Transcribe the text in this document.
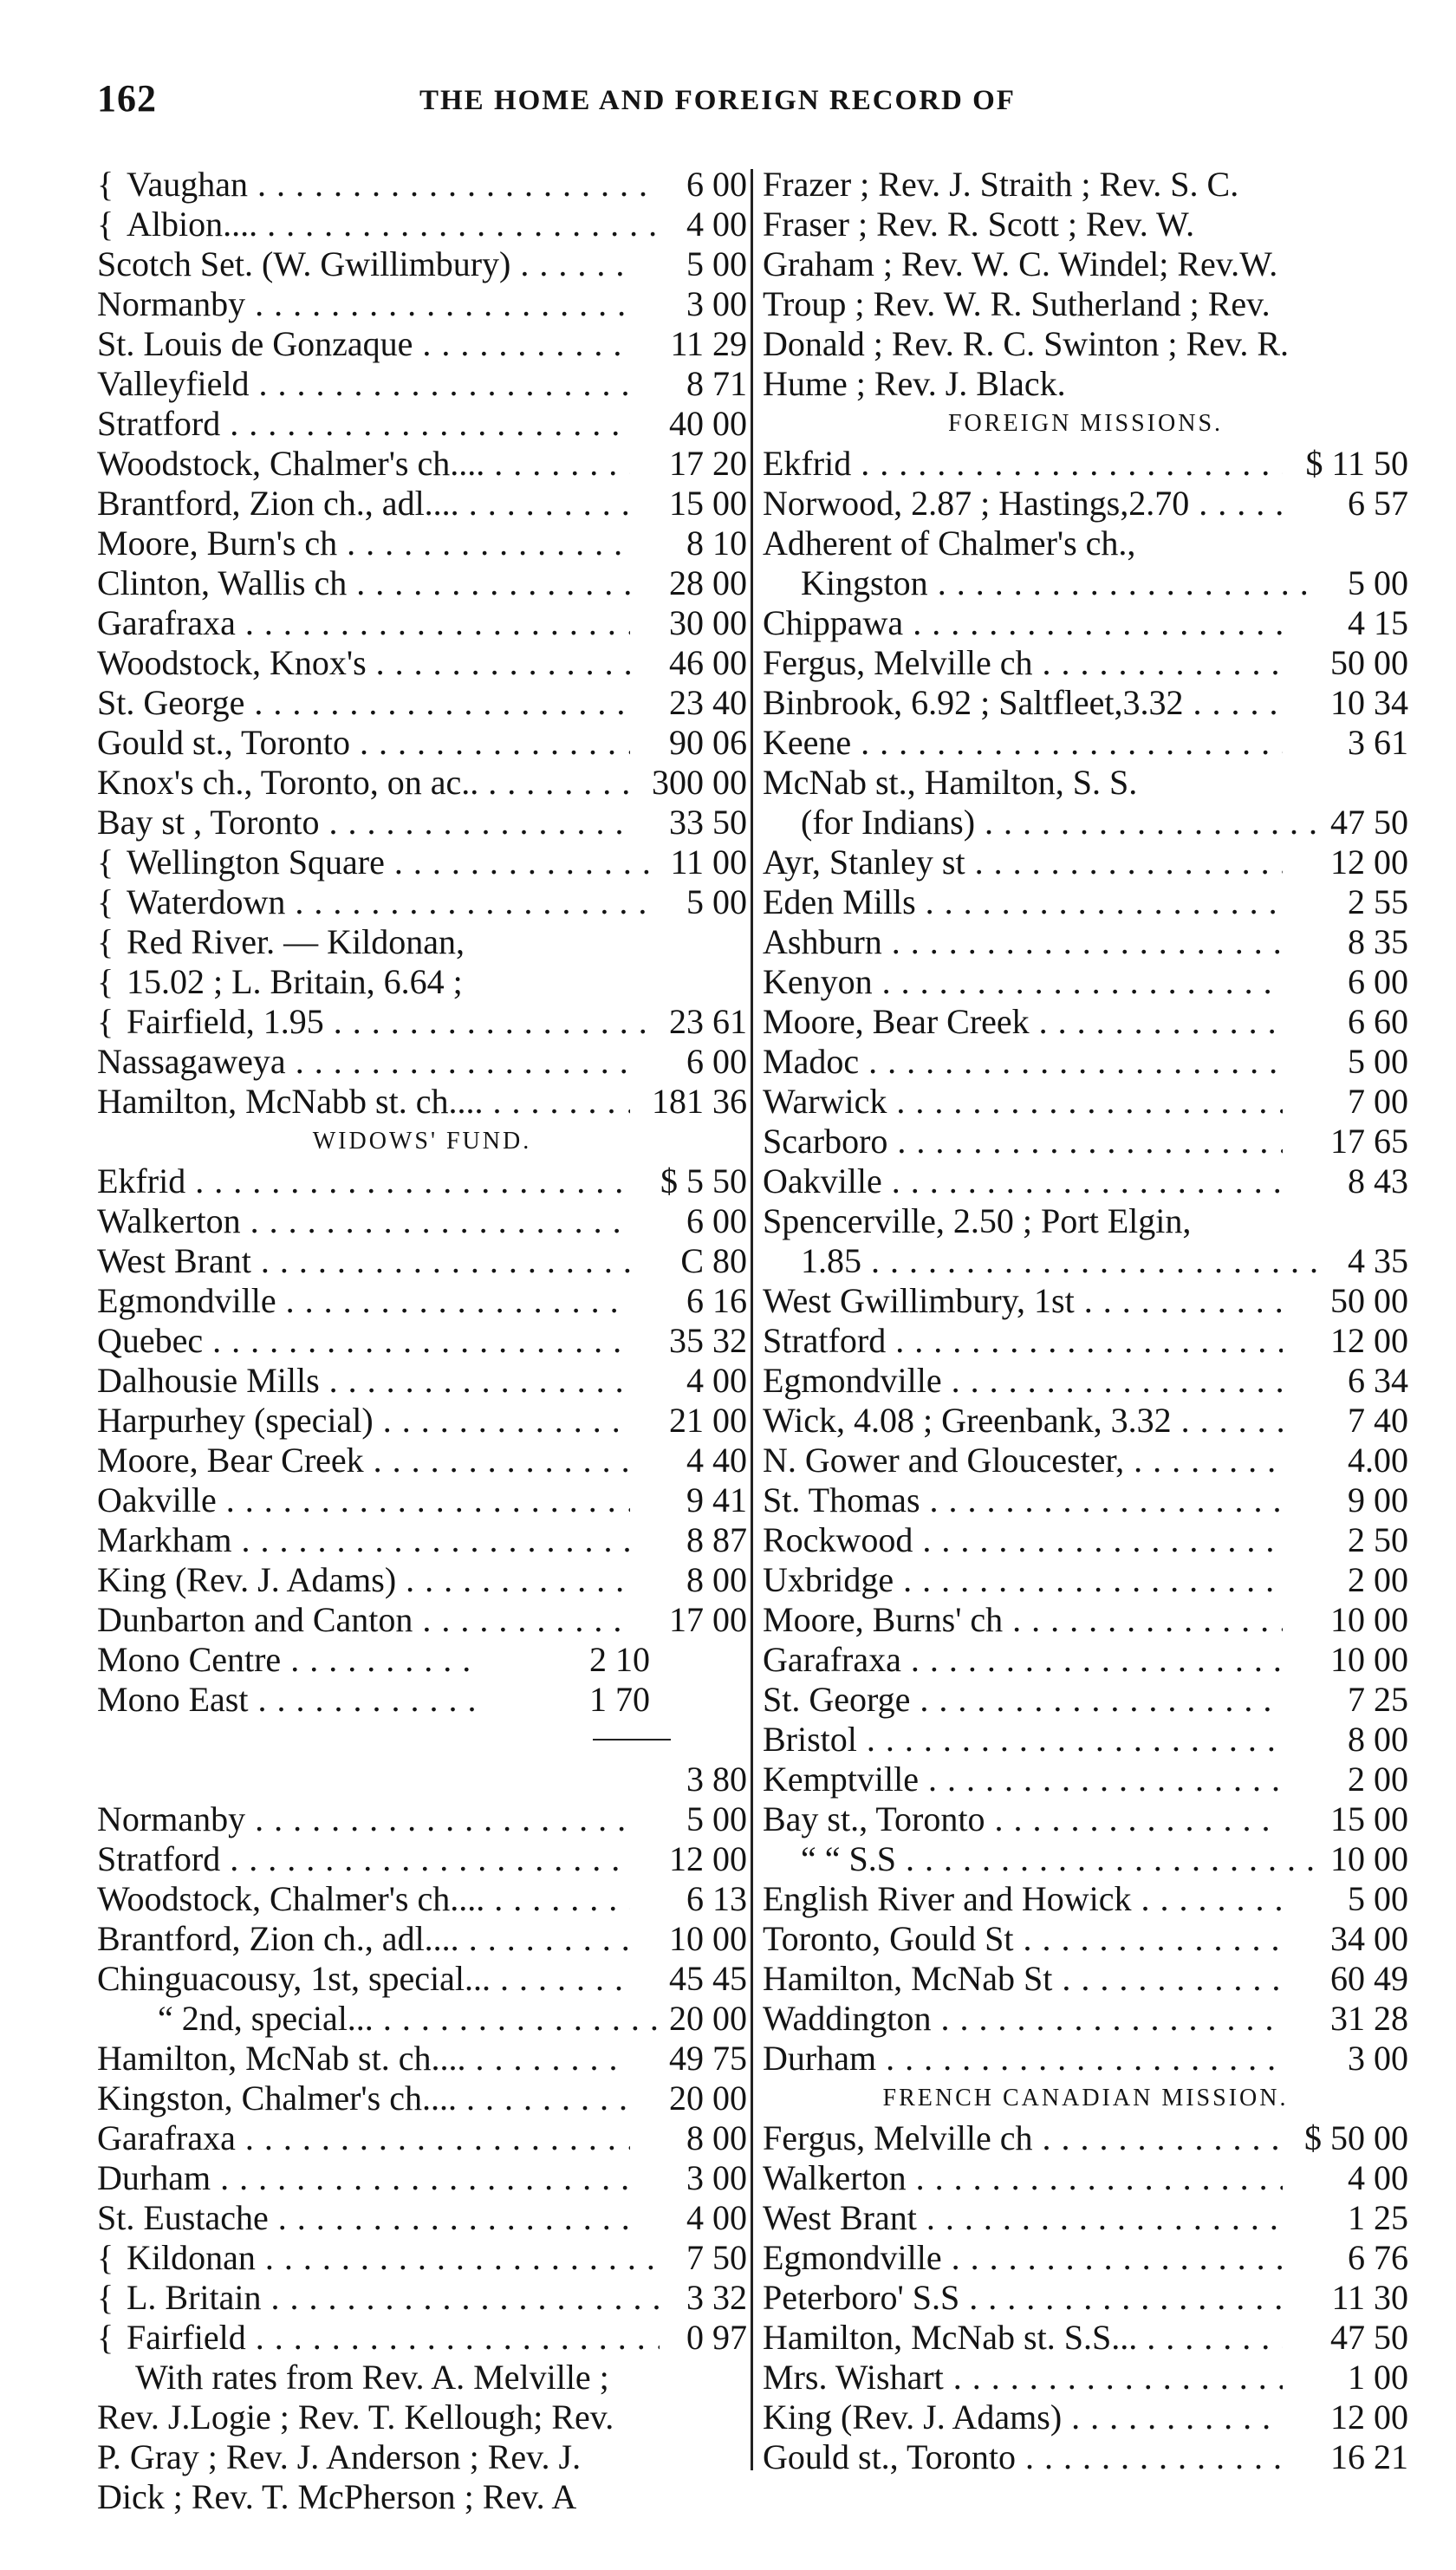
162	THE HOME AND FOREIGN RECORD OF
{ Vaughan . . .	6 00
{ Albion.... . . .	4 00
Scotch Set. (W. Gwillimbury) . . .	5 00
Normanby . . .	3 00
St. Louis de Gonzaque . . .	11 29
Valleyfield . . .	8 71
Stratford . . .	40 00
Woodstock, Chalmer's ch.... . . .	17 20
Brantford, Zion ch., adl.... . . .	15 00
Moore, Burn's ch . . .	8 10
Clinton, Wallis ch . . .	28 00
Garafraxa . . .	30 00
Woodstock, Knox's . . .	46 00
St. George . . .	23 40
Gould st., Toronto . . .	90 06
Knox's ch., Toronto, on ac.. . . .	300 00
Bay st , Toronto . . .	33 50
{ Wellington Square . . .	11 00
{ Waterdown . . .	5 00
{ Red River. — Kildonan,
{ 15.02 ; L. Britain, 6.64 ;
{ Fairfield, 1.95 . . .	23 61
Nassagaweya . . .	6 00
Hamilton, McNabb st. ch.... . . .	181 36
WIDOWS' FUND.
Ekfrid . . .	$ 5 50
Walkerton . . .	6 00
West Brant . . .	C 80
Egmondville . . .	6 16
Quebec . . .	35 32
Dalhousie Mills . . .	4 00
Harpurhey (special) . . .	21 00
Moore, Bear Creek . . .	4 40
Oakville . . .	9 41
Markham . . .	8 87
King (Rev. J. Adams) . . .	8 00
Dunbarton and Canton . . .	17 00
Mono Centre . . .	2 10
Mono East . . .	1 70
3 80
Normanby . . .	5 00
Stratford . . .	12 00
Woodstock, Chalmer's ch.... . . .	6 13
Brantford, Zion ch., adl.... . . .	10 00
Chinguacousy, 1st, special... . . .	45 45
“ 2nd, special... . . .	20 00
Hamilton, McNab st. ch.... . . .	49 75
Kingston, Chalmer's ch.... . . .	20 00
Garafraxa . . .	8 00
Durham . . .	3 00
St. Eustache . . .	4 00
{ Kildonan . . .	7 50
{ L. Britain . . .	3 32
{ Fairfield . . .	0 97
With rates from Rev. A. Melville ;
Rev. J.Logie ; Rev. T. Kellough; Rev.
P. Gray ; Rev. J. Anderson ; Rev. J.
Dick ; Rev. T. McPherson ; Rev. A
Frazer ; Rev. J. Straith ; Rev. S. C.
Fraser ; Rev. R. Scott ; Rev. W.
Graham ; Rev. W. C. Windel; Rev.W.
Troup ; Rev. W. R. Sutherland ; Rev.
Donald ; Rev. R. C. Swinton ; Rev. R.
Hume ; Rev. J. Black.
FOREIGN MISSIONS.
Ekfrid . . .	$ 11 50
Norwood, 2.87 ; Hastings,2.70 . . .	6 57
Adherent of Chalmer's ch.,
Kingston . . .	5 00
Chippawa . . .	4 15
Fergus, Melville ch . . .	50 00
Binbrook, 6.92 ; Saltfleet,3.32 . . .	10 34
Keene . . .	3 61
McNab st., Hamilton, S. S.
(for Indians) . . .	47 50
Ayr, Stanley st . . .	12 00
Eden Mills . . .	2 55
Ashburn . . .	8 35
Kenyon . . .	6 00
Moore, Bear Creek . . .	6 60
Madoc . . .	5 00
Warwick . . .	7 00
Scarboro . . .	17 65
Oakville . . .	8 43
Spencerville, 2.50 ; Port Elgin,
1.85 . . .	4 35
West Gwillimbury, 1st . . .	50 00
Stratford . . .	12 00
Egmondville . . .	6 34
Wick, 4.08 ; Greenbank, 3.32 . . .	7 40
N. Gower and Gloucester, . . .	4.00
St. Thomas . . .	9 00
Rockwood . . .	2 50
Uxbridge . . .	2 00
Moore, Burns' ch . . .	10 00
Garafraxa . . .	10 00
St. George . . .	7 25
Bristol . . .	8 00
Kemptville . . .	2 00
Bay st., Toronto . . .	15 00
“ “ S.S . . .	10 00
English River and Howick . . .	5 00
Toronto, Gould St . . .	34 00
Hamilton, McNab St . . .	60 49
Waddington . . .	31 28
Durham . . .	3 00
FRENCH CANADIAN MISSION.
Fergus, Melville ch . . .	$ 50 00
Walkerton . . .	4 00
West Brant . . .	1 25
Egmondville . . .	6 76
Peterboro' S.S . . .	11 30
Hamilton, McNab st. S.S... . . .	47 50
Mrs. Wishart . . .	1 00
King (Rev. J. Adams) . . .	12 00
Gould st., Toronto . . .	16 21
